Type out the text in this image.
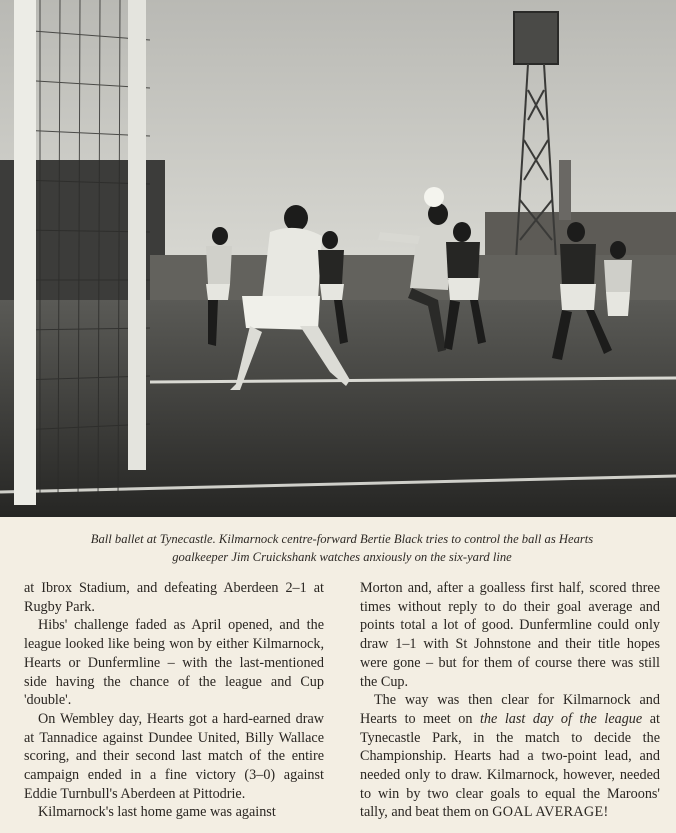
Ball ballet at Tynecastle. Kilmarnock centre-forward Bertie Black tries to control the ball as Hearts
goalkeeper Jim Cruickshank watches anxiously on the six-yard line

at Ibrox Stadium, and defeating Aberdeen 2–1 at Rugby Park.

Hibs' challenge faded as April opened, and the league looked like being won by either Kilmarnock, Hearts or Dunfermline – with the last-mentioned side having the chance of the league and Cup 'double'.

On Wembley day, Hearts got a hard-earned draw at Tannadice against Dundee United, Billy Wallace scoring, and their second last match of the entire campaign ended in a fine victory (3–0) against Eddie Turnbull's Aberdeen at Pittodrie.

Kilmarnock's last home game was against

Morton and, after a goalless first half, scored three times without reply to do their goal average and points total a lot of good. Dunfermline could only draw 1–1 with St Johnstone and their title hopes were gone – but for them of course there was still the Cup.

The way was then clear for Kilmarnock and Hearts to meet on the last day of the league at Tynecastle Park, in the match to decide the Championship. Hearts had a two-point lead, and needed only to draw. Kilmarnock, however, needed to win by two clear goals to equal the Maroons' tally, and beat them on GOAL AVERAGE!
